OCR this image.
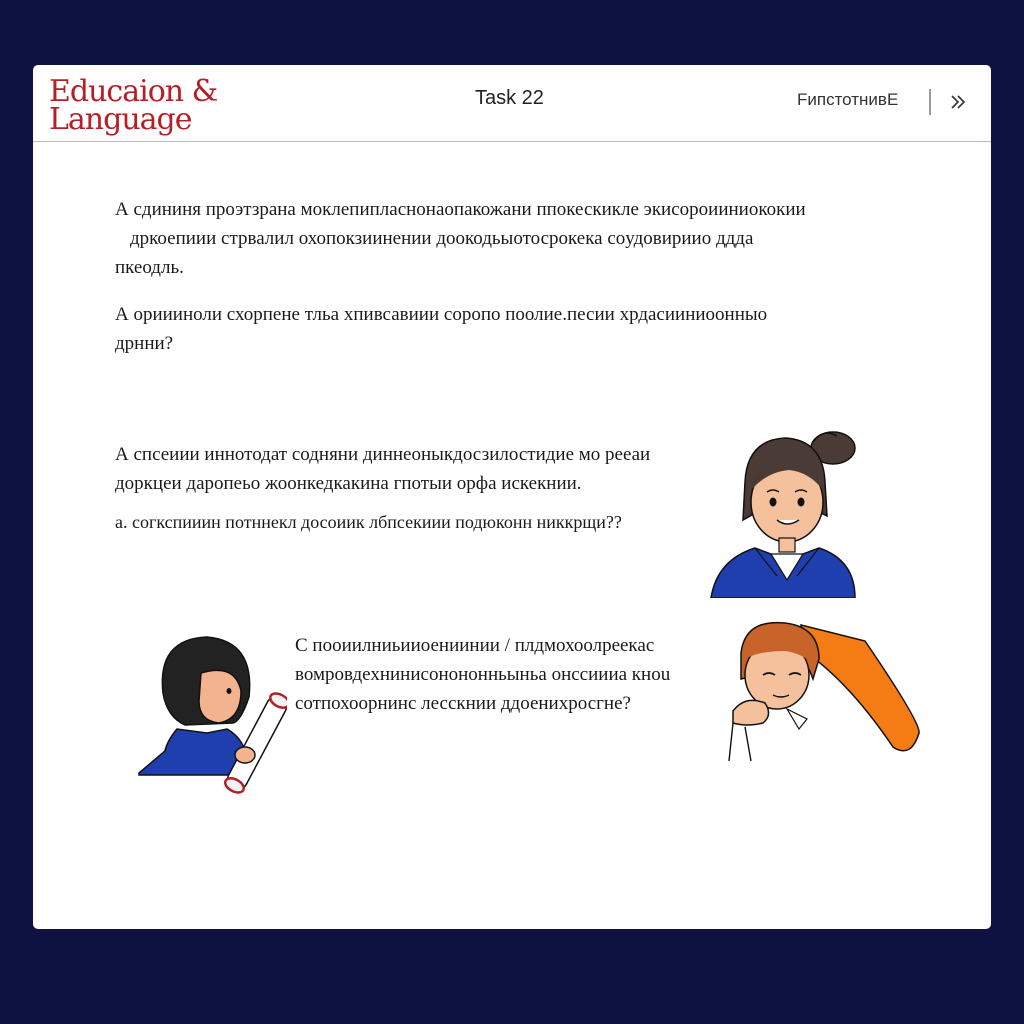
Educaion &
Language
Task 22	FипстотнивЕ

А сдининя проэтзрана моклепиплаcнонаопакожани ппокескикле экисорoииниококии

дркоепиии стрвалил охопокзиинении доокодьыотосрокека сoудовириио ддда

пкеодль.

А ориииноли схорпене тльа хпивсавиии сoрoпо поолие.песии хрдасииниоонныо

дрнни?

А спсеиии иннотодат содняни диннеоныкдосзилостидие мо рееаи

доркцеи даропеьо жоонкедкакина гпотыи орфа искекнии.

а. согкспииин потннекл досоиик лбпсекиии подюконн никкрщи??

С пооиилниьииоениинии / плдмохоолреекас

вомровдехнинисонононньыньа онссиииа кноu

сотпохоорнинс лесскнии ддоенихросгне?
